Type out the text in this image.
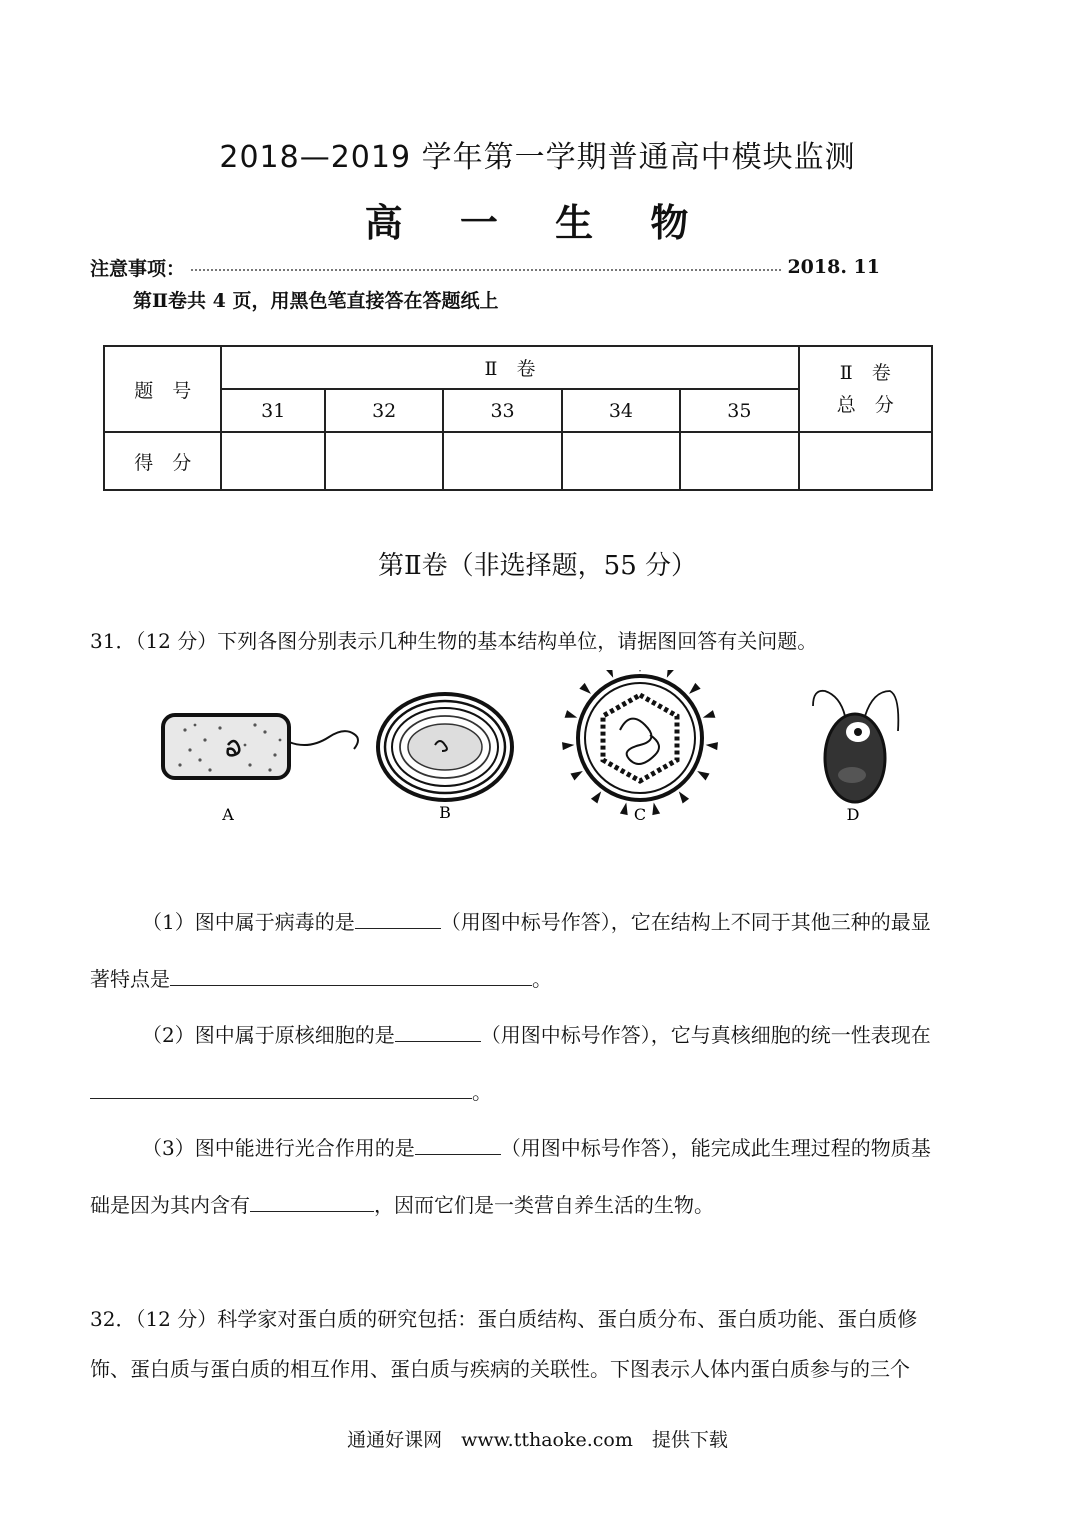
2018—2019 学年第一学期普通高中模块监测
高 一 生 物
注意事项：	2018. 11
第Ⅱ卷共 4 页，用黑色笔直接答在答题纸上
题　号	Ⅱ　卷					Ⅱ　卷
总　分

	31	32	33	34	35	
得　分						
第Ⅱ卷（非选择题，55 分）
31．（12 分）下列各图分别表示几种生物的基本结构单位，请据图回答有关问题。
A	B	C	D
（1）图中属于病毒的是	（用图中标号作答），它在结构上不同于其他三种的最显
著特点是	。
（2）图中属于原核细胞的是	（用图中标号作答），它与真核细胞的统一性表现在
。
（3）图中能进行光合作用的是	（用图中标号作答），能完成此生理过程的物质基
础是因为其内含有	，因而它们是一类营自养生活的生物。
32．（12 分）科学家对蛋白质的研究包括：蛋白质结构、蛋白质分布、蛋白质功能、蛋白质修
饰、蛋白质与蛋白质的相互作用、蛋白质与疾病的关联性。下图表示人体内蛋白质参与的三个
通通好课网　www.tthaoke.com　提供下载
